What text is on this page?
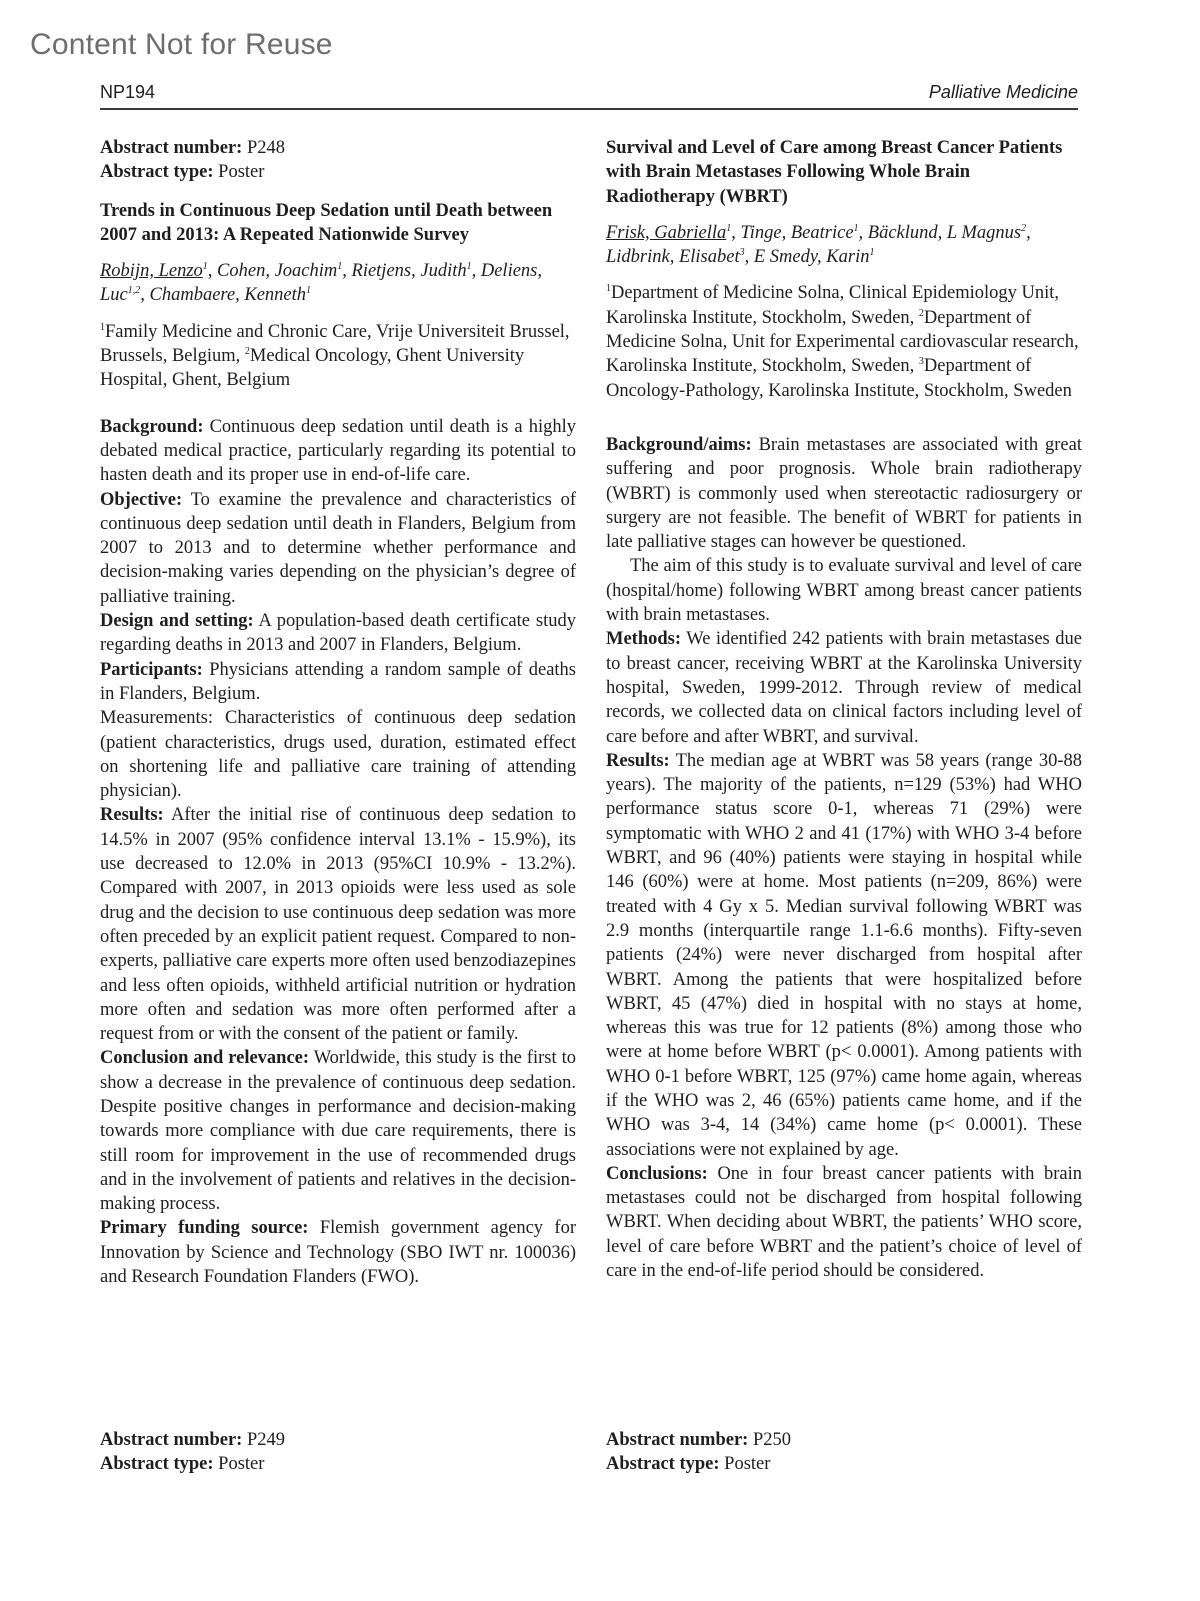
Content Not for Reuse
NP194	Palliative Medicine

Abstract number: P248

Abstract type: Poster

Trends in Continuous Deep Sedation until Death between 2007 and 2013: A Repeated Nationwide Survey
Robijn, Lenzo$^1$, Cohen, Joachim$^1$, Rietjens, Judith$^1$, Deliens, Luc$^{1,2}$, Chambaere, Kenneth$^1$
$^1$Family Medicine and Chronic Care, Vrije Universiteit Brussel, Brussels, Belgium, $^2$Medical Oncology, Ghent University Hospital, Ghent, Belgium

Background: Continuous deep sedation until death is a highly debated medical practice, particularly regarding its potential to hasten death and its proper use in end-of-life care.

Objective: To examine the prevalence and characteristics of continuous deep sedation until death in Flanders, Belgium from 2007 to 2013 and to determine whether performance and decision-making varies depending on the physician’s degree of palliative training.

Design and setting: A population-based death certificate study regarding deaths in 2013 and 2007 in Flanders, Belgium.

Participants: Physicians attending a random sample of deaths in Flanders, Belgium.

Measurements: Characteristics of continuous deep sedation (patient characteristics, drugs used, duration, estimated effect on shortening life and palliative care training of attending physician).

Results: After the initial rise of continuous deep sedation to 14.5% in 2007 (95% confidence interval 13.1% - 15.9%), its use decreased to 12.0% in 2013 (95%CI 10.9% - 13.2%). Compared with 2007, in 2013 opioids were less used as sole drug and the decision to use continuous deep sedation was more often preceded by an explicit patient request. Compared to non-experts, palliative care experts more often used benzodiazepines and less often opioids, withheld artificial nutrition or hydration more often and sedation was more often performed after a request from or with the consent of the patient or family.

Conclusion and relevance: Worldwide, this study is the first to show a decrease in the prevalence of continuous deep sedation. Despite positive changes in performance and decision-making towards more compliance with due care requirements, there is still room for improvement in the use of recommended drugs and in the involvement of patients and relatives in the decision-making process.

Primary funding source: Flemish government agency for Innovation by Science and Technology (SBO IWT nr. 100036) and Research Foundation Flanders (FWO).

Survival and Level of Care among Breast Cancer Patients with Brain Metastases Following Whole Brain Radiotherapy (WBRT)
Frisk, Gabriella$^1$, Tinge, Beatrice$^1$, Bäcklund, L Magnus$^2$, Lidbrink, Elisabet$^3$, E Smedy, Karin$^1$
$^1$Department of Medicine Solna, Clinical Epidemiology Unit, Karolinska Institute, Stockholm, Sweden, $^2$Department of Medicine Solna, Unit for Experimental cardiovascular research, Karolinska Institute, Stockholm, Sweden, $^3$Department of Oncology-Pathology, Karolinska Institute, Stockholm, Sweden

Background/aims: Brain metastases are associated with great suffering and poor prognosis. Whole brain radiotherapy (WBRT) is commonly used when stereotactic radiosurgery or surgery are not feasible. The benefit of WBRT for patients in late palliative stages can however be questioned.

The aim of this study is to evaluate survival and level of care (hospital/home) following WBRT among breast cancer patients with brain metastases.

Methods: We identified 242 patients with brain metastases due to breast cancer, receiving WBRT at the Karolinska University hospital, Sweden, 1999-2012. Through review of medical records, we collected data on clinical factors including level of care before and after WBRT, and survival.

Results: The median age at WBRT was 58 years (range 30-88 years). The majority of the patients, n=129 (53%) had WHO performance status score 0-1, whereas 71 (29%) were symptomatic with WHO 2 and 41 (17%) with WHO 3-4 before WBRT, and 96 (40%) patients were staying in hospital while 146 (60%) were at home. Most patients (n=209, 86%) were treated with 4 Gy x 5. Median survival following WBRT was 2.9 months (interquartile range 1.1-6.6 months). Fifty-seven patients (24%) were never discharged from hospital after WBRT. Among the patients that were hospitalized before WBRT, 45 (47%) died in hospital with no stays at home, whereas this was true for 12 patients (8%) among those who were at home before WBRT (p< 0.0001). Among patients with WHO 0-1 before WBRT, 125 (97%) came home again, whereas if the WHO was 2, 46 (65%) patients came home, and if the WHO was 3-4, 14 (34%) came home (p< 0.0001). These associations were not explained by age.

Conclusions: One in four breast cancer patients with brain metastases could not be discharged from hospital following WBRT. When deciding about WBRT, the patients’ WHO score, level of care before WBRT and the patient’s choice of level of care in the end-of-life period should be considered.

Abstract number: P249

Abstract type: Poster

Abstract number: P250

Abstract type: Poster
